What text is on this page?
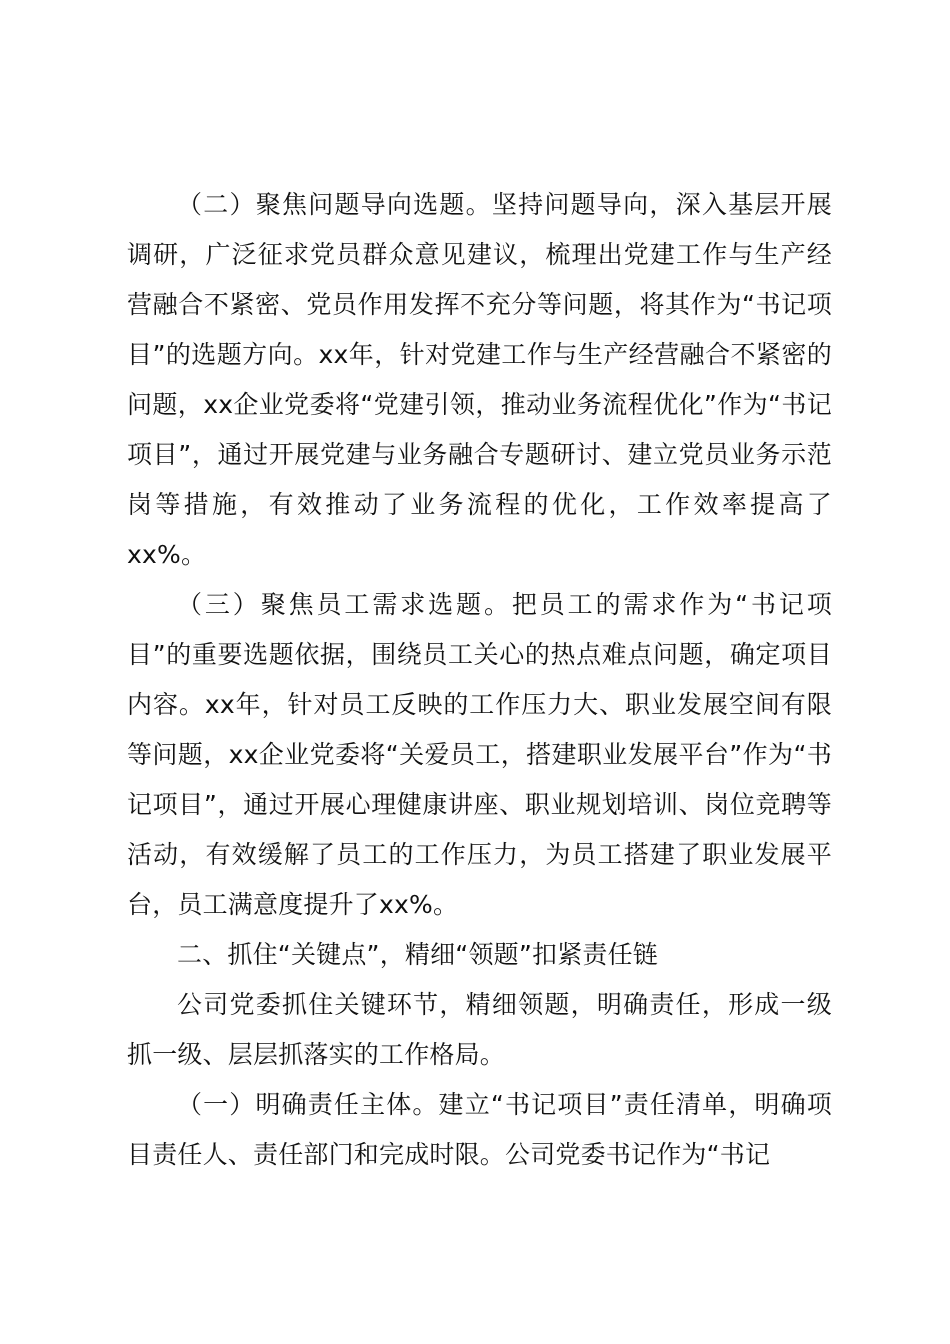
（二）聚焦问题导向选题。坚持问题导向，深入基层开展调研，广泛征求党员群众意见建议，梳理出党建工作与生产经营融合不紧密、党员作用发挥不充分等问题，将其作为“书记项目”的选题方向。xx年，针对党建工作与生产经营融合不紧密的问题，xx企业党委将“党建引领，推动业务流程优化”作为“书记项目”，通过开展党建与业务融合专题研讨、建立党员业务示范岗等措施，有效推动了业务流程的优化，工作效率提高了xx%。

（三）聚焦员工需求选题。把员工的需求作为“书记项目”的重要选题依据，围绕员工关心的热点难点问题，确定项目内容。xx年，针对员工反映的工作压力大、职业发展空间有限等问题，xx企业党委将“关爱员工，搭建职业发展平台”作为“书记项目”，通过开展心理健康讲座、职业规划培训、岗位竞聘等活动，有效缓解了员工的工作压力，为员工搭建了职业发展平台，员工满意度提升了xx%。

二、抓住“关键点”，精细“领题”扣紧责任链

公司党委抓住关键环节，精细领题，明确责任，形成一级抓一级、层层抓落实的工作格局。

（一）明确责任主体。建立“书记项目”责任清单，明确项目责任人、责任部门和完成时限。公司党委书记作为“书记
